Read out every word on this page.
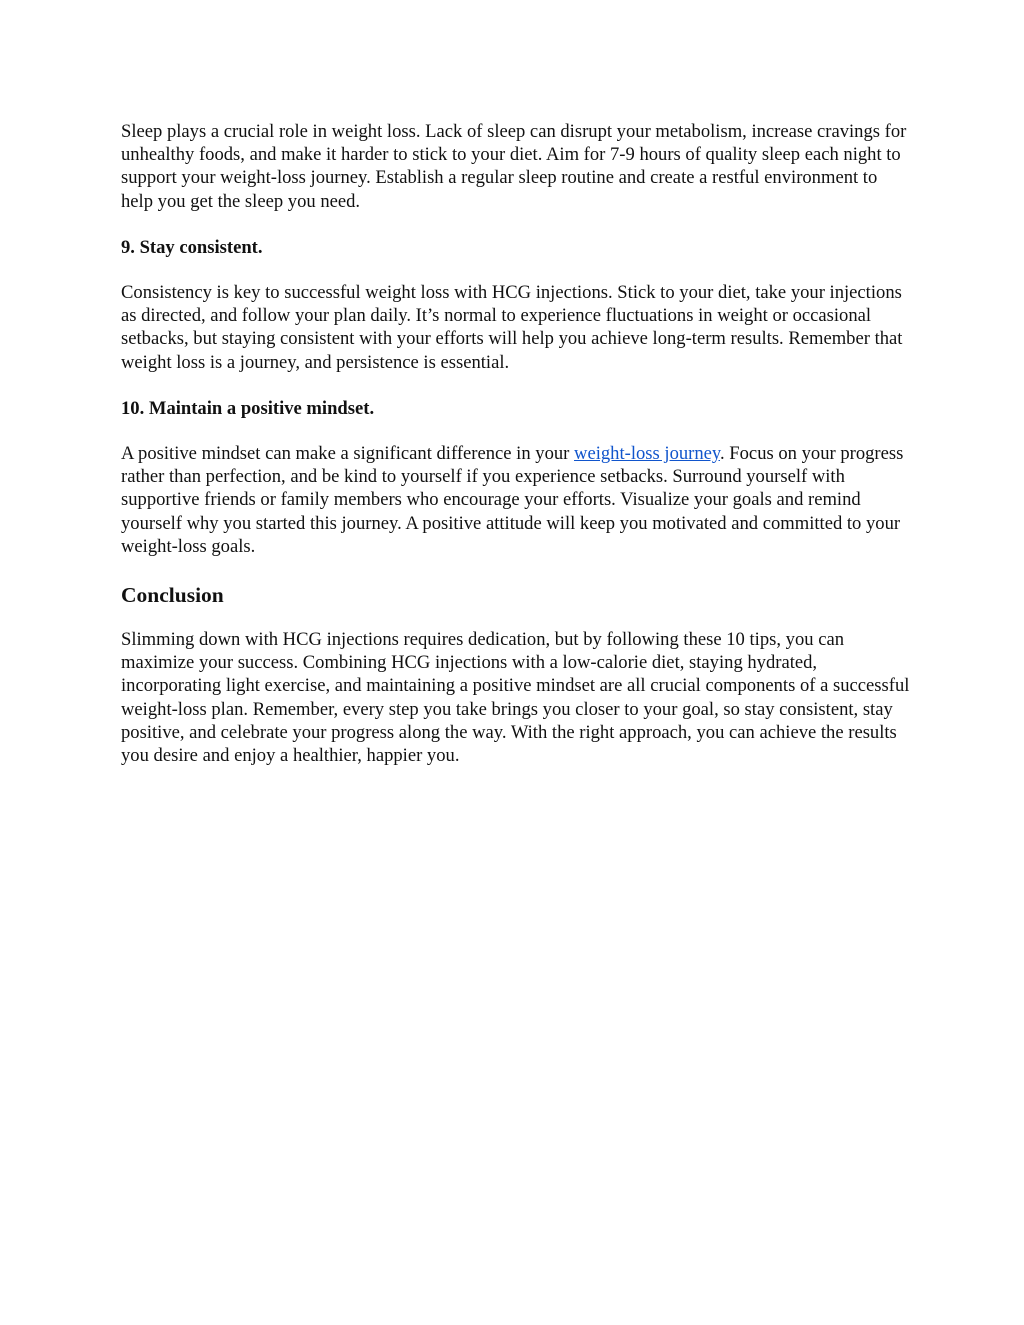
Sleep plays a crucial role in weight loss. Lack of sleep can disrupt your metabolism, increase cravings for unhealthy foods, and make it harder to stick to your diet. Aim for 7-9 hours of quality sleep each night to support your weight-loss journey. Establish a regular sleep routine and create a restful environment to help you get the sleep you need.

9. Stay consistent.

Consistency is key to successful weight loss with HCG injections. Stick to your diet, take your injections as directed, and follow your plan daily. It’s normal to experience fluctuations in weight or occasional setbacks, but staying consistent with your efforts will help you achieve long-term results. Remember that weight loss is a journey, and persistence is essential.

10. Maintain a positive mindset.

A positive mindset can make a significant difference in your weight-loss journey. Focus on your progress rather than perfection, and be kind to yourself if you experience setbacks. Surround yourself with supportive friends or family members who encourage your efforts. Visualize your goals and remind yourself why you started this journey. A positive attitude will keep you motivated and committed to your weight-loss goals.

Conclusion

Slimming down with HCG injections requires dedication, but by following these 10 tips, you can maximize your success. Combining HCG injections with a low-calorie diet, staying hydrated, incorporating light exercise, and maintaining a positive mindset are all crucial components of a successful weight-loss plan. Remember, every step you take brings you closer to your goal, so stay consistent, stay positive, and celebrate your progress along the way. With the right approach, you can achieve the results you desire and enjoy a healthier, happier you.
